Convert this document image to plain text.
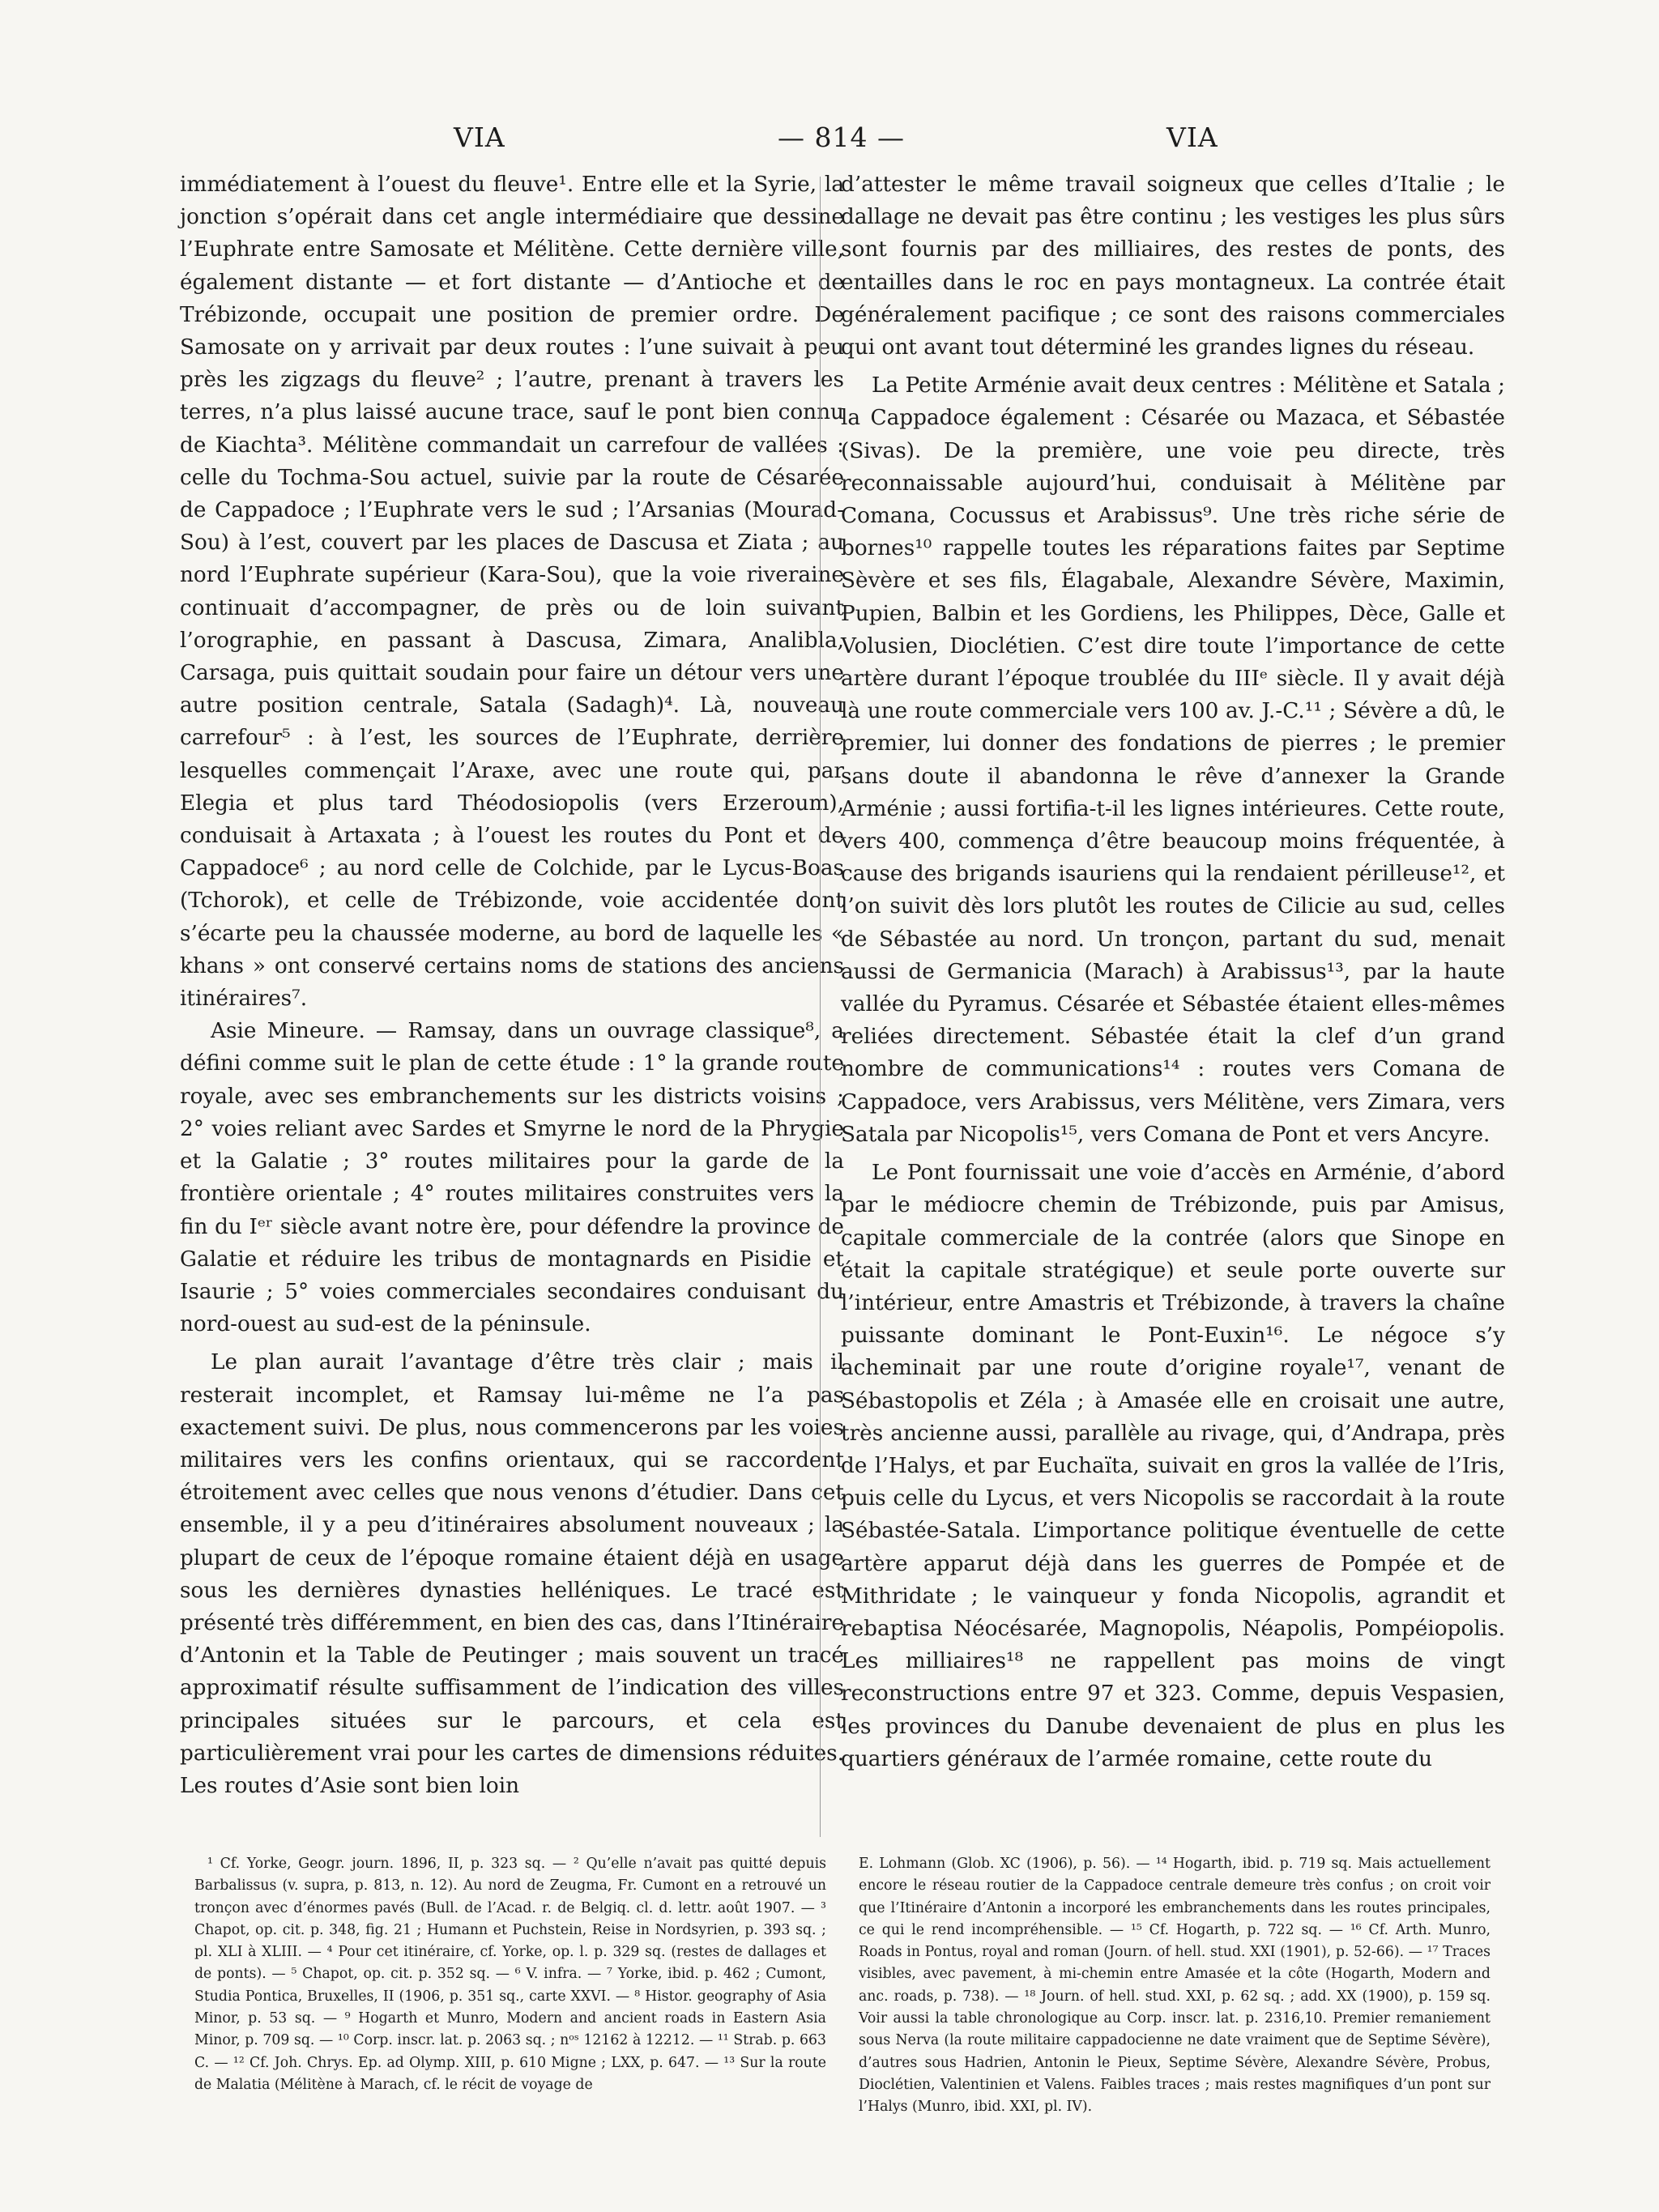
VIA	— 814 —	VIA

immédiatement à l’ouest du fleuve¹. Entre elle et la Syrie, la jonction s’opérait dans cet angle intermédiaire que dessine l’Euphrate entre Samosate et Mélitène. Cette dernière ville, également distante — et fort distante — d’Antioche et de Trébizonde, occupait une position de premier ordre. De Samosate on y arrivait par deux routes : l’une suivait à peu près les zigzags du fleuve² ; l’autre, prenant à travers les terres, n’a plus laissé aucune trace, sauf le pont bien connu de Kiachta³. Mélitène commandait un carrefour de vallées : celle du Tochma-Sou actuel, suivie par la route de Césarée de Cappadoce ; l’Euphrate vers le sud ; l’Arsanias (Mourad-Sou) à l’est, couvert par les places de Dascusa et Ziata ; au nord l’Euphrate supérieur (Kara-Sou), que la voie riveraine continuait d’accompagner, de près ou de loin suivant l’orographie, en passant à Dascusa, Zimara, Analibla, Carsaga, puis quittait soudain pour faire un détour vers une autre position centrale, Satala (Sadagh)⁴. Là, nouveau carrefour⁵ : à l’est, les sources de l’Euphrate, derrière lesquelles commençait l’Araxe, avec une route qui, par Elegia et plus tard Théodosiopolis (vers Erzeroum), conduisait à Artaxata ; à l’ouest les routes du Pont et de Cappadoce⁶ ; au nord celle de Colchide, par le Lycus-Boas (Tchorok), et celle de Trébizonde, voie accidentée dont s’écarte peu la chaussée moderne, au bord de laquelle les « khans » ont conservé certains noms de stations des anciens itinéraires⁷.

Asie Mineure. — Ramsay, dans un ouvrage classique⁸, a défini comme suit le plan de cette étude : 1° la grande route royale, avec ses embranchements sur les districts voisins ; 2° voies reliant avec Sardes et Smyrne le nord de la Phrygie et la Galatie ; 3° routes militaires pour la garde de la frontière orientale ; 4° routes militaires construites vers la fin du Iᵉʳ siècle avant notre ère, pour défendre la province de Galatie et réduire les tribus de montagnards en Pisidie et Isaurie ; 5° voies commerciales secondaires conduisant du nord-ouest au sud-est de la péninsule.

Le plan aurait l’avantage d’être très clair ; mais il resterait incomplet, et Ramsay lui-même ne l’a pas exactement suivi. De plus, nous commencerons par les voies militaires vers les confins orientaux, qui se raccordent étroitement avec celles que nous venons d’étudier. Dans cet ensemble, il y a peu d’itinéraires absolument nouveaux ; la plupart de ceux de l’époque romaine étaient déjà en usage sous les dernières dynasties helléniques. Le tracé est présenté très différemment, en bien des cas, dans l’Itinéraire d’Antonin et la Table de Peutinger ; mais souvent un tracé approximatif résulte suffisamment de l’indication des villes principales situées sur le parcours, et cela est particulièrement vrai pour les cartes de dimensions réduites. Les routes d’Asie sont bien loin

d’attester le même travail soigneux que celles d’Italie ; le dallage ne devait pas être continu ; les vestiges les plus sûrs sont fournis par des milliaires, des restes de ponts, des entailles dans le roc en pays montagneux. La contrée était généralement pacifique ; ce sont des raisons commerciales qui ont avant tout déterminé les grandes lignes du réseau.

La Petite Arménie avait deux centres : Mélitène et Satala ; la Cappadoce également : Césarée ou Mazaca, et Sébastée (Sivas). De la première, une voie peu directe, très reconnaissable aujourd’hui, conduisait à Mélitène par Comana, Cocussus et Arabissus⁹. Une très riche série de bornes¹⁰ rappelle toutes les réparations faites par Septime Sèvère et ses fils, Élagabale, Alexandre Sévère, Maximin, Pupien, Balbin et les Gordiens, les Philippes, Dèce, Galle et Volusien, Dioclétien. C’est dire toute l’importance de cette artère durant l’époque troublée du IIIᵉ siècle. Il y avait déjà là une route commerciale vers 100 av. J.-C.¹¹ ; Sévère a dû, le premier, lui donner des fondations de pierres ; le premier sans doute il abandonna le rêve d’annexer la Grande Arménie ; aussi fortifia-t-il les lignes intérieures. Cette route, vers 400, commença d’être beaucoup moins fréquentée, à cause des brigands isauriens qui la rendaient périlleuse¹², et l’on suivit dès lors plutôt les routes de Cilicie au sud, celles de Sébastée au nord. Un tronçon, partant du sud, menait aussi de Germanicia (Marach) à Arabissus¹³, par la haute vallée du Pyramus. Césarée et Sébastée étaient elles-mêmes reliées directement. Sébastée était la clef d’un grand nombre de communications¹⁴ : routes vers Comana de Cappadoce, vers Arabissus, vers Mélitène, vers Zimara, vers Satala par Nicopolis¹⁵, vers Comana de Pont et vers Ancyre.

Le Pont fournissait une voie d’accès en Arménie, d’abord par le médiocre chemin de Trébizonde, puis par Amisus, capitale commerciale de la contrée (alors que Sinope en était la capitale stratégique) et seule porte ouverte sur l’intérieur, entre Amastris et Trébizonde, à travers la chaîne puissante dominant le Pont-Euxin¹⁶. Le négoce s’y acheminait par une route d’origine royale¹⁷, venant de Sébastopolis et Zéla ; à Amasée elle en croisait une autre, très ancienne aussi, parallèle au rivage, qui, d’Andrapa, près de l’Halys, et par Euchaïta, suivait en gros la vallée de l’Iris, puis celle du Lycus, et vers Nicopolis se raccordait à la route Sébastée-Satala. L’importance politique éventuelle de cette artère apparut déjà dans les guerres de Pompée et de Mithridate ; le vainqueur y fonda Nicopolis, agrandit et rebaptisa Néocésarée, Magnopolis, Néapolis, Pompéiopolis. Les milliaires¹⁸ ne rappellent pas moins de vingt reconstructions entre 97 et 323. Comme, depuis Vespasien, les provinces du Danube devenaient de plus en plus les quartiers généraux de l’armée romaine, cette route du

¹ Cf. Yorke, Geogr. journ. 1896, II, p. 323 sq. — ² Qu’elle n’avait pas quitté depuis Barbalissus (v. supra, p. 813, n. 12). Au nord de Zeugma, Fr. Cumont en a retrouvé un tronçon avec d’énormes pavés (Bull. de l’Acad. r. de Belgiq. cl. d. lettr. août 1907. — ³ Chapot, op. cit. p. 348, fig. 21 ; Humann et Puchstein, Reise in Nordsyrien, p. 393 sq. ; pl. XLI à XLIII. — ⁴ Pour cet itinéraire, cf. Yorke, op. l. p. 329 sq. (restes de dallages et de ponts). — ⁵ Chapot, op. cit. p. 352 sq. — ⁶ V. infra. — ⁷ Yorke, ibid. p. 462 ; Cumont, Studia Pontica, Bruxelles, II (1906, p. 351 sq., carte XXVI. — ⁸ Histor. geography of Asia Minor, p. 53 sq. — ⁹ Hogarth et Munro, Modern and ancient roads in Eastern Asia Minor, p. 709 sq. — ¹⁰ Corp. inscr. lat. p. 2063 sq. ; nᵒˢ 12162 à 12212. — ¹¹ Strab. p. 663 C. — ¹² Cf. Joh. Chrys. Ep. ad Olymp. XIII, p. 610 Migne ; LXX, p. 647. — ¹³ Sur la route de Malatia (Mélitène à Marach, cf. le récit de voyage de

E. Lohmann (Glob. XC (1906), p. 56). — ¹⁴ Hogarth, ibid. p. 719 sq. Mais actuellement encore le réseau routier de la Cappadoce centrale demeure très confus ; on croit voir que l’Itinéraire d’Antonin a incorporé les embranchements dans les routes principales, ce qui le rend incompréhensible. — ¹⁵ Cf. Hogarth, p. 722 sq. — ¹⁶ Cf. Arth. Munro, Roads in Pontus, royal and roman (Journ. of hell. stud. XXI (1901), p. 52-66). — ¹⁷ Traces visibles, avec pavement, à mi-chemin entre Amasée et la côte (Hogarth, Modern and anc. roads, p. 738). — ¹⁸ Journ. of hell. stud. XXI, p. 62 sq. ; add. XX (1900), p. 159 sq. Voir aussi la table chronologique au Corp. inscr. lat. p. 2316,10. Premier remaniement sous Nerva (la route militaire cappadocienne ne date vraiment que de Septime Sévère), d’autres sous Hadrien, Antonin le Pieux, Septime Sévère, Alexandre Sévère, Probus, Dioclétien, Valentinien et Valens. Faibles traces ; mais restes magnifiques d’un pont sur l’Halys (Munro, ibid. XXI, pl. IV).
